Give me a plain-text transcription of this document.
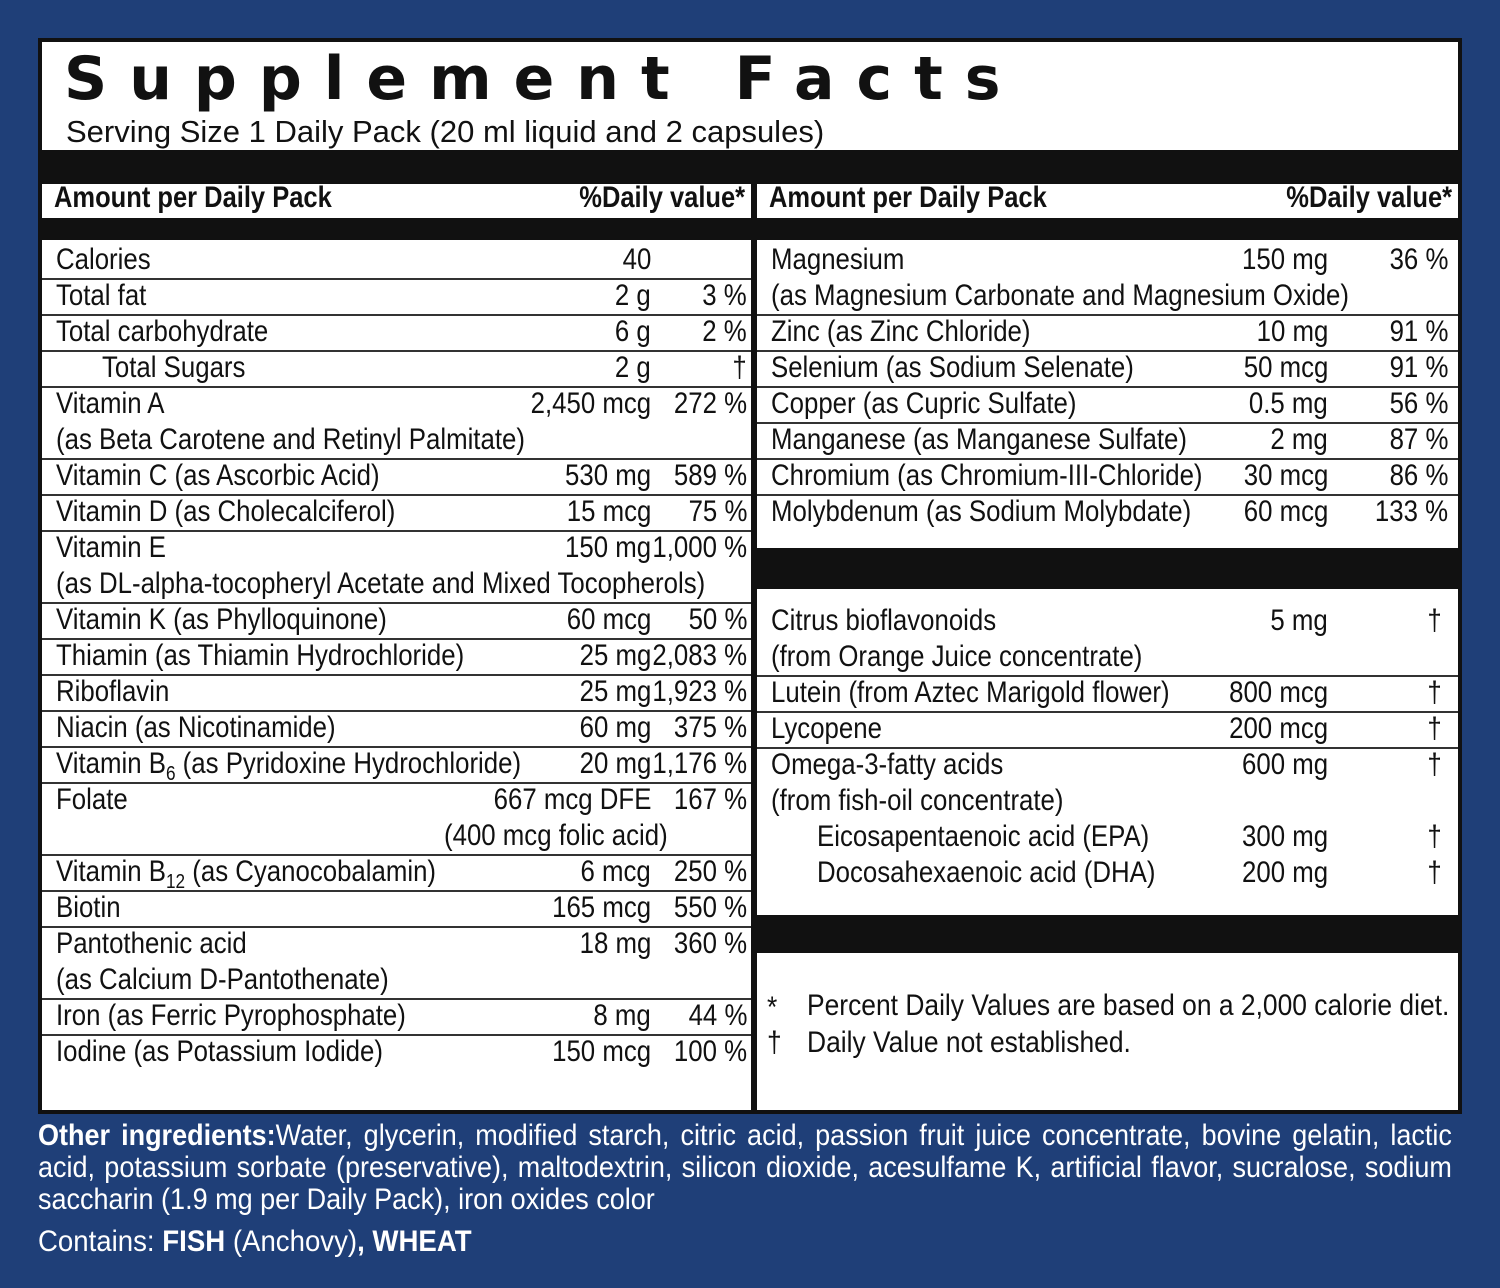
Supplement Facts
Serving Size 1 Daily Pack (20 ml liquid and 2 capsules)
Amount per Daily Pack	%Daily value* Amount per Daily Pack	%Daily value*
Calories	40
Total fat	2 g 3 %
Total carbohydrate	6 g 2 %
Total Sugars	2 g	†
Vitamin A	2,450 mcg 272 %
(as Beta Carotene and Retinyl Palmitate)
Vitamin C (as Ascorbic Acid)	530 mg 589 %
Vitamin D (as Cholecalciferol)	15 mcg 75 %
Vitamin E	150 mg 1,000 %
(as DL-alpha-tocopheryl Acetate and Mixed Tocopherols)
Vitamin K (as Phylloquinone)	60 mcg 50 %
Thiamin (as Thiamin Hydrochloride)	25 mg 2,083 %
Riboflavin	25 mg 1,923 %
Niacin (as Nicotinamide)	60 mg 375 %
Vitamin $B_6$ (as Pyridoxine Hydrochloride) 20 mg 1,176 %
Folate	667 mcg DFE 167 %
(400 mcg folic acid)
Vitamin $B_{12}$ (as Cyanocobalamin)	6 mcg 250 %
Biotin	165 mcg 550 %
Pantothenic acid	18 mg 360 %
(as Calcium D-Pantothenate)
Iron (as Ferric Pyrophosphate)	8 mg 44 %
Iodine (as Potassium Iodide)	150 mcg 100 %
Magnesium	150 mg 36 %
(as Magnesium Carbonate and Magnesium Oxide)
Zinc (as Zinc Chloride)	10 mg 91 %
Selenium (as Sodium Selenate)	50 mcg 91 %
Copper (as Cupric Sulfate)	0.5 mg 56 %
Manganese (as Manganese Sulfate)	2 mg 87 %
Chromium (as Chromium-III-Chloride) 30 mcg 86 %
Molybdenum (as Sodium Molybdate) 60 mcg 133 %
Citrus bioflavonoids	5 mg	†
(from Orange Juice concentrate)
Lutein (from Aztec Marigold flower) 800 mcg	†
Lycopene	200 mcg	†
Omega-3-fatty acids	600 mg	†
(from fish-oil concentrate)
Eicosapentaenoic acid (EPA)	300 mg	†
Docosahexaenoic acid (DHA)	200 mg	†
* Percent Daily Values are based on a 2,000 calorie diet.
† Daily Value not established.
Other ingredients:Water, glycerin, modified starch, citric acid, passion fruit juice concentrate, bovine gelatin, lactic acid, potassium sorbate (preservative), maltodextrin, silicon dioxide, acesulfame K, artificial flavor, sucralose, sodium saccharin (1.9 mg per Daily Pack), iron oxides color
Contains: FISH (Anchovy), WHEAT
